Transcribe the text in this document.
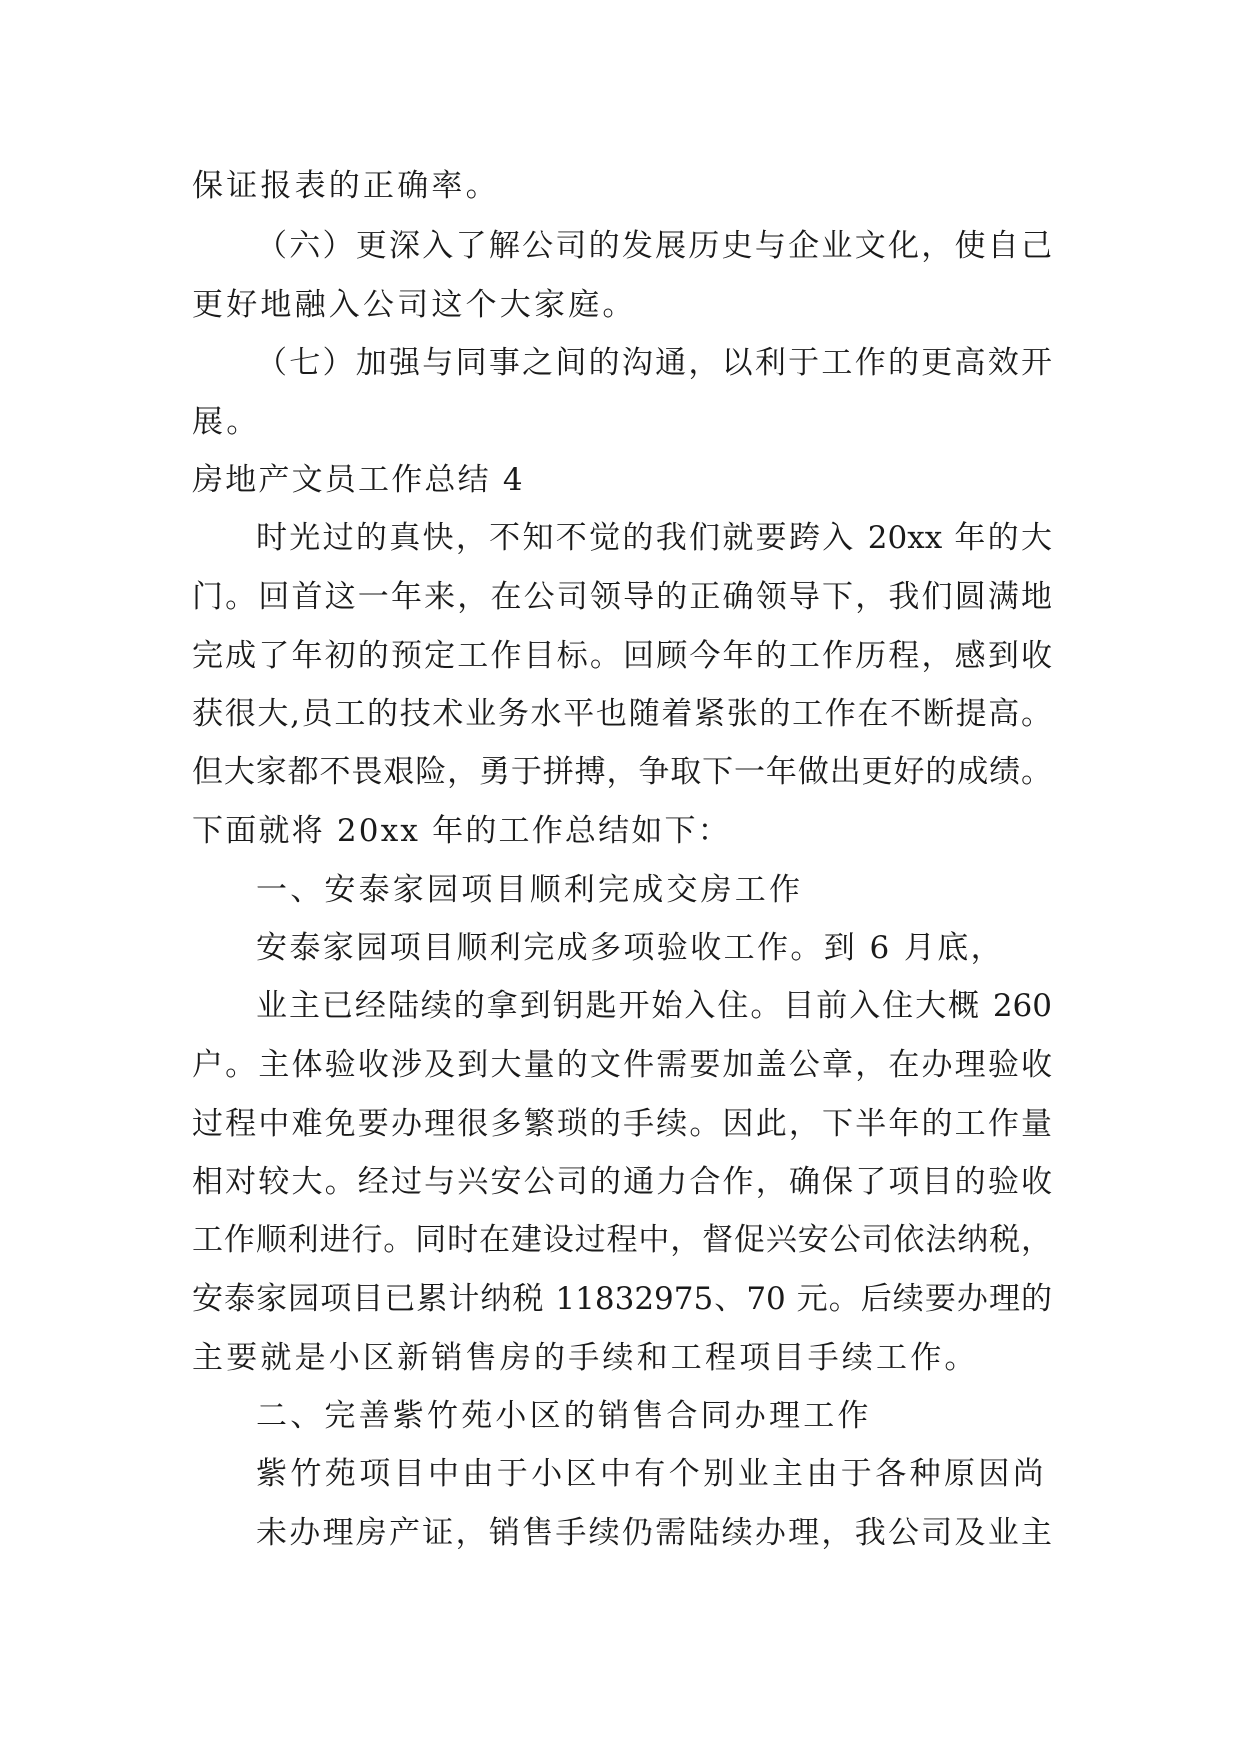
保证报表的正确率。
（六）更深入了解公司的发展历史与企业文化，使自己
更好地融入公司这个大家庭。
（七）加强与同事之间的沟通，以利于工作的更高效开
展。
房地产文员工作总结 4
时光过的真快，不知不觉的我们就要跨入 20xx 年的大
门。回首这一年来，在公司领导的正确领导下，我们圆满地
完成了年初的预定工作目标。回顾今年的工作历程，感到收
获很大,员工的技术业务水平也随着紧张的工作在不断提高。
但大家都不畏艰险，勇于拼搏，争取下一年做出更好的成绩。
下面就将 20xx 年的工作总结如下：
一、安泰家园项目顺利完成交房工作
安泰家园项目顺利完成多项验收工作。到 6 月底，
业主已经陆续的拿到钥匙开始入住。目前入住大概 260
户。主体验收涉及到大量的文件需要加盖公章，在办理验收
过程中难免要办理很多繁琐的手续。因此，下半年的工作量
相对较大。经过与兴安公司的通力合作，确保了项目的验收
工作顺利进行。同时在建设过程中，督促兴安公司依法纳税，
安泰家园项目已累计纳税 11832975、70 元。后续要办理的
主要就是小区新销售房的手续和工程项目手续工作。
二、完善紫竹苑小区的销售合同办理工作
紫竹苑项目中由于小区中有个别业主由于各种原因尚
未办理房产证，销售手续仍需陆续办理，我公司及业主
